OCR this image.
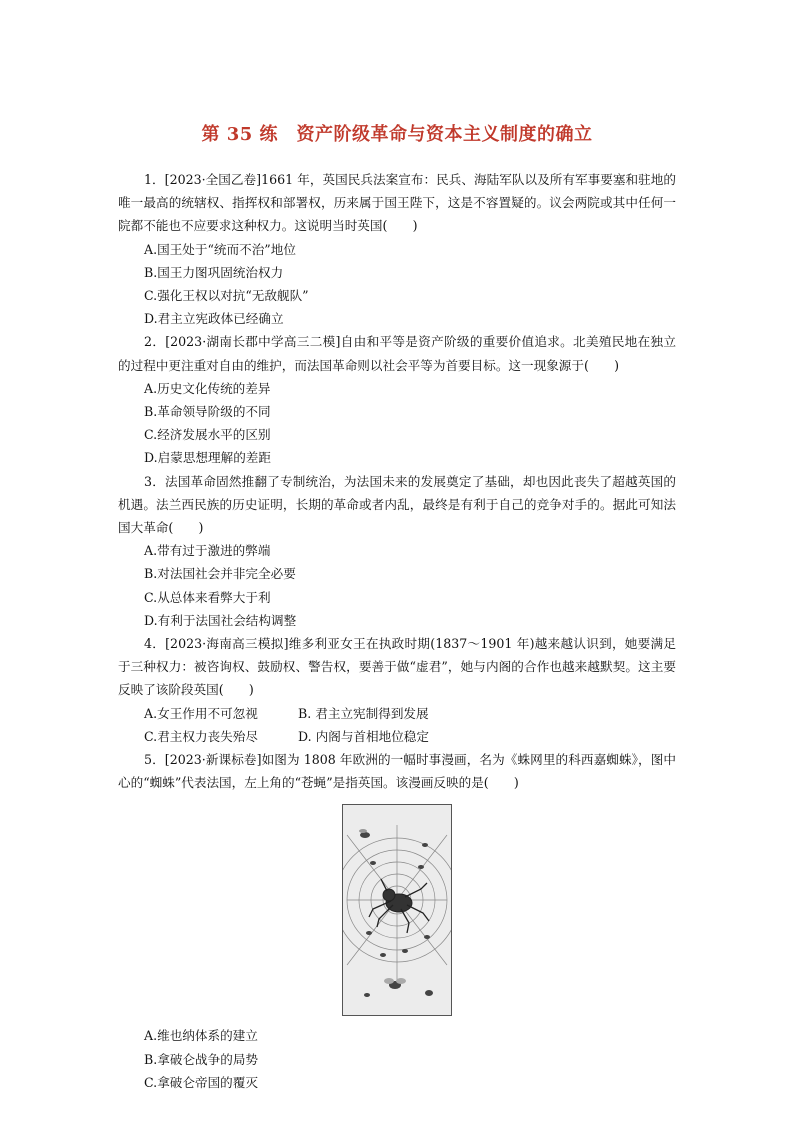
第 35 练　资产阶级革命与资本主义制度的确立
1．[2023·全国乙卷]1661 年，英国民兵法案宣布：民兵、海陆军队以及所有军事要塞和驻地的唯一最高的统辖权、指挥权和部署权，历来属于国王陛下，这是不容置疑的。议会两院或其中任何一院都不能也不应要求这种权力。这说明当时英国(　　)
A.国王处于“统而不治”地位
B.国王力图巩固统治权力
C.强化王权以对抗“无敌舰队”
D.君主立宪政体已经确立
2．[2023·湖南长郡中学高三二模]自由和平等是资产阶级的重要价值追求。北美殖民地在独立的过程中更注重对自由的维护，而法国革命则以社会平等为首要目标。这一现象源于(　　)
A.历史文化传统的差异
B.革命领导阶级的不同
C.经济发展水平的区别
D.启蒙思想理解的差距
3．法国革命固然推翻了专制统治，为法国未来的发展奠定了基础，却也因此丧失了超越英国的机遇。法兰西民族的历史证明，长期的革命或者内乱，最终是有利于自己的竞争对手的。据此可知法国大革命(　　)
A.带有过于激进的弊端
B.对法国社会并非完全必要
C.从总体来看弊大于利
D.有利于法国社会结构调整
4．[2023·海南高三模拟]维多利亚女王在执政时期(1837～1901 年)越来越认识到，她要满足于三种权力：被咨询权、鼓励权、警告权，要善于做“虚君”，她与内阁的合作也越来越默契。这主要反映了该阶段英国(　　)
A.女王作用不可忽视	B. 君主立宪制得到发展
C.君主权力丧失殆尽	D. 内阁与首相地位稳定
5．[2023·新课标卷]如图为 1808 年欧洲的一幅时事漫画，名为《蛛网里的科西嘉蜘蛛》，图中心的“蜘蛛”代表法国，左上角的“苍蝇”是指英国。该漫画反映的是(　　)
A.维也纳体系的建立
B.拿破仑战争的局势
C.拿破仑帝国的覆灭
